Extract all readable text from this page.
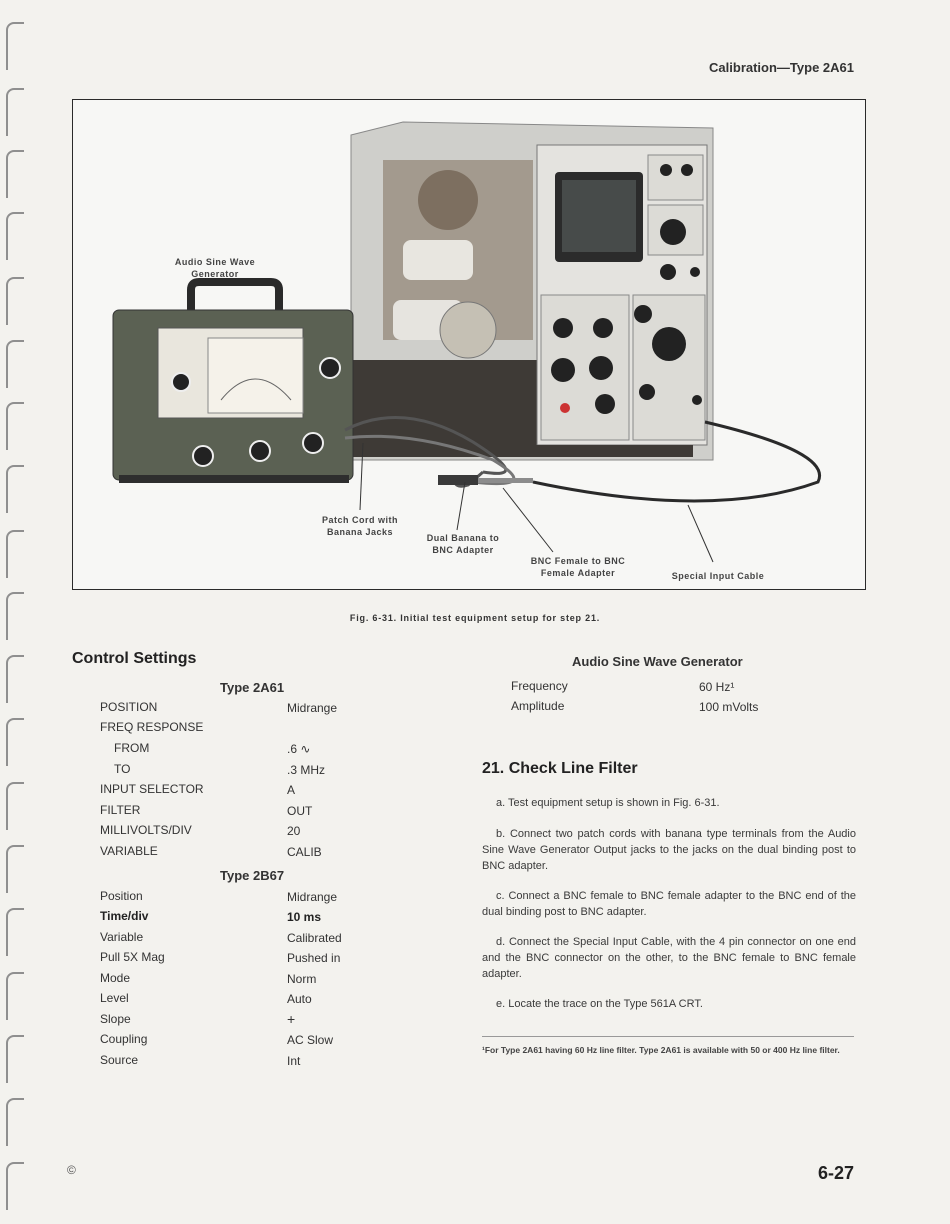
Calibration—Type 2A61
Audio Sine Wave
Generator
Patch Cord with
Banana Jacks
Dual Banana to
BNC Adapter
BNC Female to BNC
Female Adapter	Special Input Cable
Fig. 6-31. Initial test equipment setup for step 21.
Control Settings
Type 2A61
POSITION	Midrange
FREQ RESPONSE
FROM	.6 ∿
TO	.3 MHz
INPUT SELECTOR	A
FILTER	OUT
MILLIVOLTS/DIV	20
VARIABLE	CALIB
Type 2B67
Position	Midrange
Time/div	10 ms
Variable	Calibrated
Pull 5X Mag	Pushed in
Mode	Norm
Level	Auto
Slope	+
Coupling	AC Slow
Source	Int
Audio Sine Wave Generator
Frequency	60 Hz¹
Amplitude	100 mVolts
21. Check Line Filter
a. Test equipment setup is shown in Fig. 6-31.
b. Connect two patch cords with banana type terminals from the Audio Sine Wave Generator Output jacks to the jacks on the dual binding post to BNC adapter.
c. Connect a BNC female to BNC female adapter to the BNC end of the dual binding post to BNC adapter.
d. Connect the Special Input Cable, with the 4 pin connector on one end and the BNC connector on the other, to the BNC female to BNC female adapter.
e. Locate the trace on the Type 561A CRT.
¹For Type 2A61 having 60 Hz line filter. Type 2A61 is available with 50 or 400 Hz line filter.
©	6-27
